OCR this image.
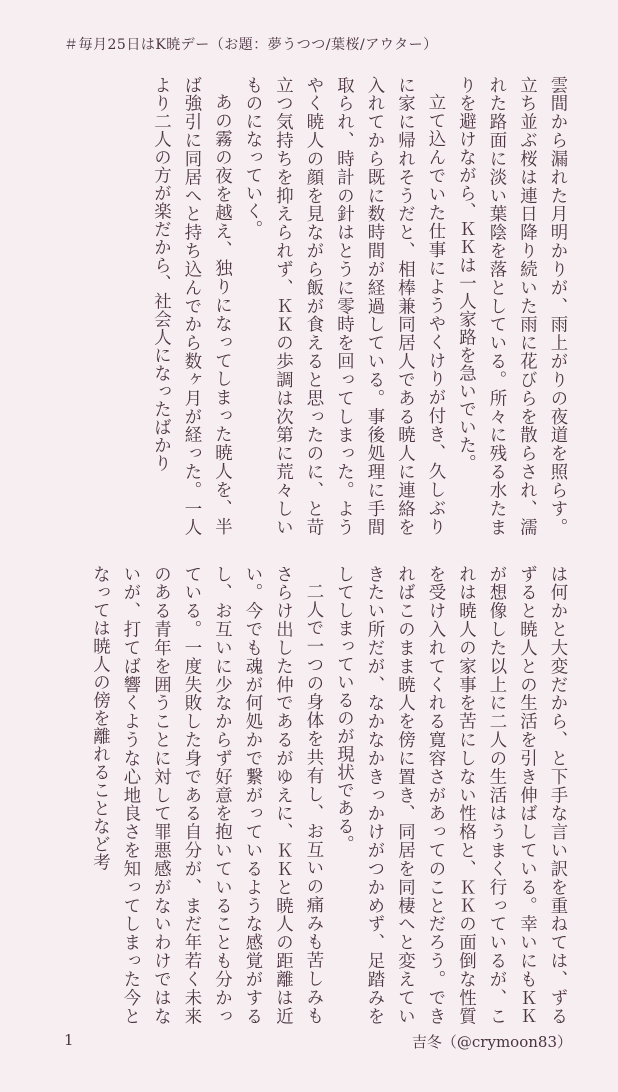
＃毎月25日はK暁デー（お題：夢うつつ/葉桜/アウター）

雲間から漏れた月明かりが、雨上がりの夜道を照らす。立ち並ぶ桜は連日降り続いた雨に花びらを散らされ、濡れた路面に淡い葉陰を落としている。所々に残る水たまりを避けながら、ＫＫは一人家路を急いでいた。

立て込んでいた仕事にようやくけりが付き、久しぶりに家に帰れそうだと、相棒兼同居人である暁人に連絡を入れてから既に数時間が経過している。事後処理に手間取られ、時計の針はとうに零時を回ってしまった。ようやく暁人の顔を見ながら飯が食えると思ったのに、と苛立つ気持ちを抑えられず、ＫＫの歩調は次第に荒々しいものになっていく。

あの霧の夜を越え、独りになってしまった暁人を、半ば強引に同居へと持ち込んでから数ヶ月が経った。一人より二人の方が楽だから、社会人になったばかり

は何かと大変だから、と下手な言い訳を重ねては、ずるずると暁人との生活を引き伸ばしている。幸いにもＫＫが想像した以上に二人の生活はうまく行っているが、これは暁人の家事を苦にしない性格と、ＫＫの面倒な性質を受け入れてくれる寛容さがあってのことだろう。できればこのまま暁人を傍に置き、同居を同棲へと変えていきたい所だが、なかなかきっかけがつかめず、足踏みをしてしまっているのが現状である。

二人で一つの身体を共有し、お互いの痛みも苦しみもさらけ出した仲であるがゆえに、ＫＫと暁人の距離は近い。今でも魂が何処かで繋がっているような感覚がするし、お互いに少なからず好意を抱いていることも分かっている。一度失敗した身である自分が、まだ年若く未来のある青年を囲うことに対して罪悪感がないわけではないが、打てば響くような心地良さを知ってしまった今となっては暁人の傍を離れることなど考

1	吉冬（@crymoon83）
